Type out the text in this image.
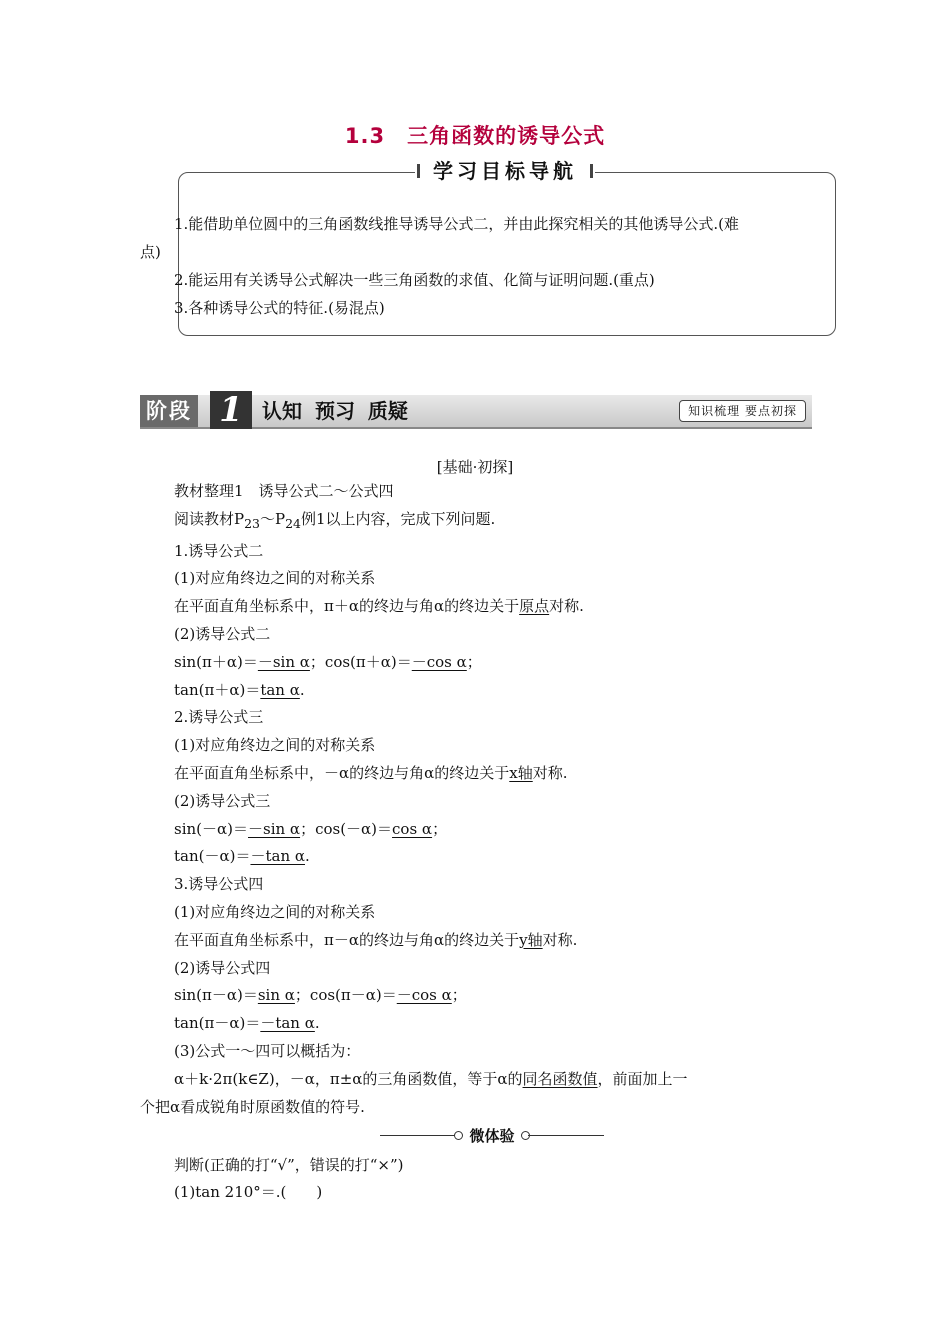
1.3 三角函数的诱导公式
学习目标导航

1.能借助单位圆中的三角函数线推导诱导公式二，并由此探究相关的其他诱导公式.(难

点)

2.能运用有关诱导公式解决一些三角函数的求值、化简与证明问题.(重点)

3.各种诱导公式的特征.(易混点)

阶段 1 认知 预习 质疑	知识梳理 要点初探
[基础·初探]

教材整理1　诱导公式二～公式四

阅读教材$P_{23}\sim P_{24}$例1以上内容，完成下列问题.

1.诱导公式二

(1)对应角终边之间的对称关系

在平面直角坐标系中，π＋α的终边与角α的终边关于原点对称.

(2)诱导公式二

sin(π＋α)＝－sin α；cos(π＋α)＝－cos α；

tan(π＋α)＝tan α.

2.诱导公式三

(1)对应角终边之间的对称关系

在平面直角坐标系中，－α的终边与角α的终边关于x轴对称.

(2)诱导公式三

sin(－α)＝－sin α；cos(－α)＝cos α；

tan(－α)＝－tan α.

3.诱导公式四

(1)对应角终边之间的对称关系

在平面直角坐标系中，π－α的终边与角α的终边关于y轴对称.

(2)诱导公式四

sin(π－α)＝sin α；cos(π－α)＝－cos α；

tan(π－α)＝－tan α.

(3)公式一～四可以概括为：

α＋k·2π(k∈Z)，－α，π±α的三角函数值，等于α的同名函数值，前面加上一

个把α看成锐角时原函数值的符号.

微体验

判断(正确的打“√”，错误的打“×”)

(1)tan 210°＝.(　　)
